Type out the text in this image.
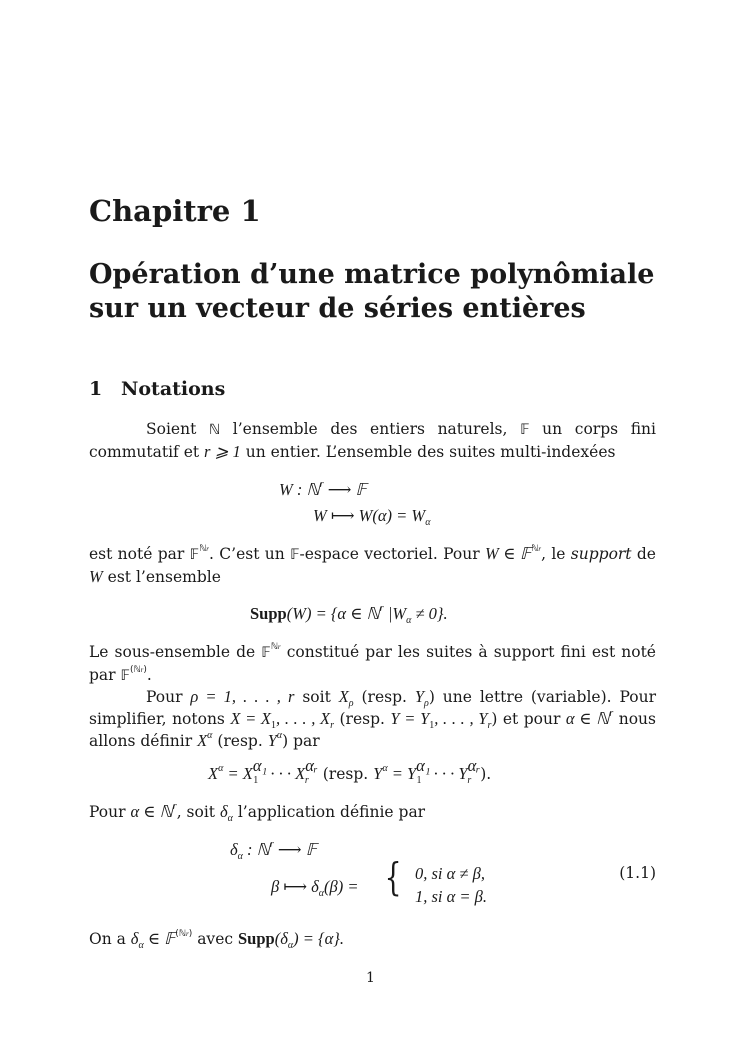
Chapitre 1
Opération d’une matrice polynômiale sur un vecteur de séries entières
1 Notations
Soient ℕ l’ensemble des entiers naturels, 𝔽 un corps fini commutatif et r ⩾ 1 un entier. L’ensemble des suites multi-indexées
W : ℕ$^r$ ⟶ 𝔽
W ⟼ $W(\alpha) = W_\alpha$
est noté par 𝔽$^{ℕr}$. C’est un 𝔽-espace vectoriel. Pour W ∈ 𝔽$^{ℕr}$, le support de W est l’ensemble
Supp(W) = {α ∈ ℕ$^r$ $|W_\alpha \ne 0$}.
Le sous-ensemble de 𝔽$^{ℕr}$ constitué par les suites à support fini est noté par 𝔽$^{(ℕr)}$.
Pour ρ = 1, . . . , r soit $X_\rho$ (resp. $Y_\rho$) une lettre (variable). Pour simplifier, notons $X = X_1$, . . . , $X_r$ (resp. $Y = Y_1$, . . . , $Y_r$) et pour α ∈ ℕ$^r$ nous allons définir $X^\alpha$ (resp. $Y^\alpha$) par
$X^\alpha = X^{\alpha_1}_1$ · · · $X^{\alpha ᵣ}_r$ (resp. $Y^\alpha = Y^{\alpha_1}_1$ · · · $Y^{\alpha ᵣ}_r$ ).
Pour α ∈ ℕ$^r$, soit $\delta_\alpha$ l’application définie par
$\delta_\alpha$ : ℕ$^r$ ⟶ 𝔽
β ⟼ $\delta_\alpha(\beta)$ = { 0, si α ≠ β,
1, si α = β.
(1.1)
On a $\delta_\alpha$ ∈ 𝔽$^{(ℕr)}$ avec $Supp(\delta_\alpha) = \{\alpha\}$.
1
